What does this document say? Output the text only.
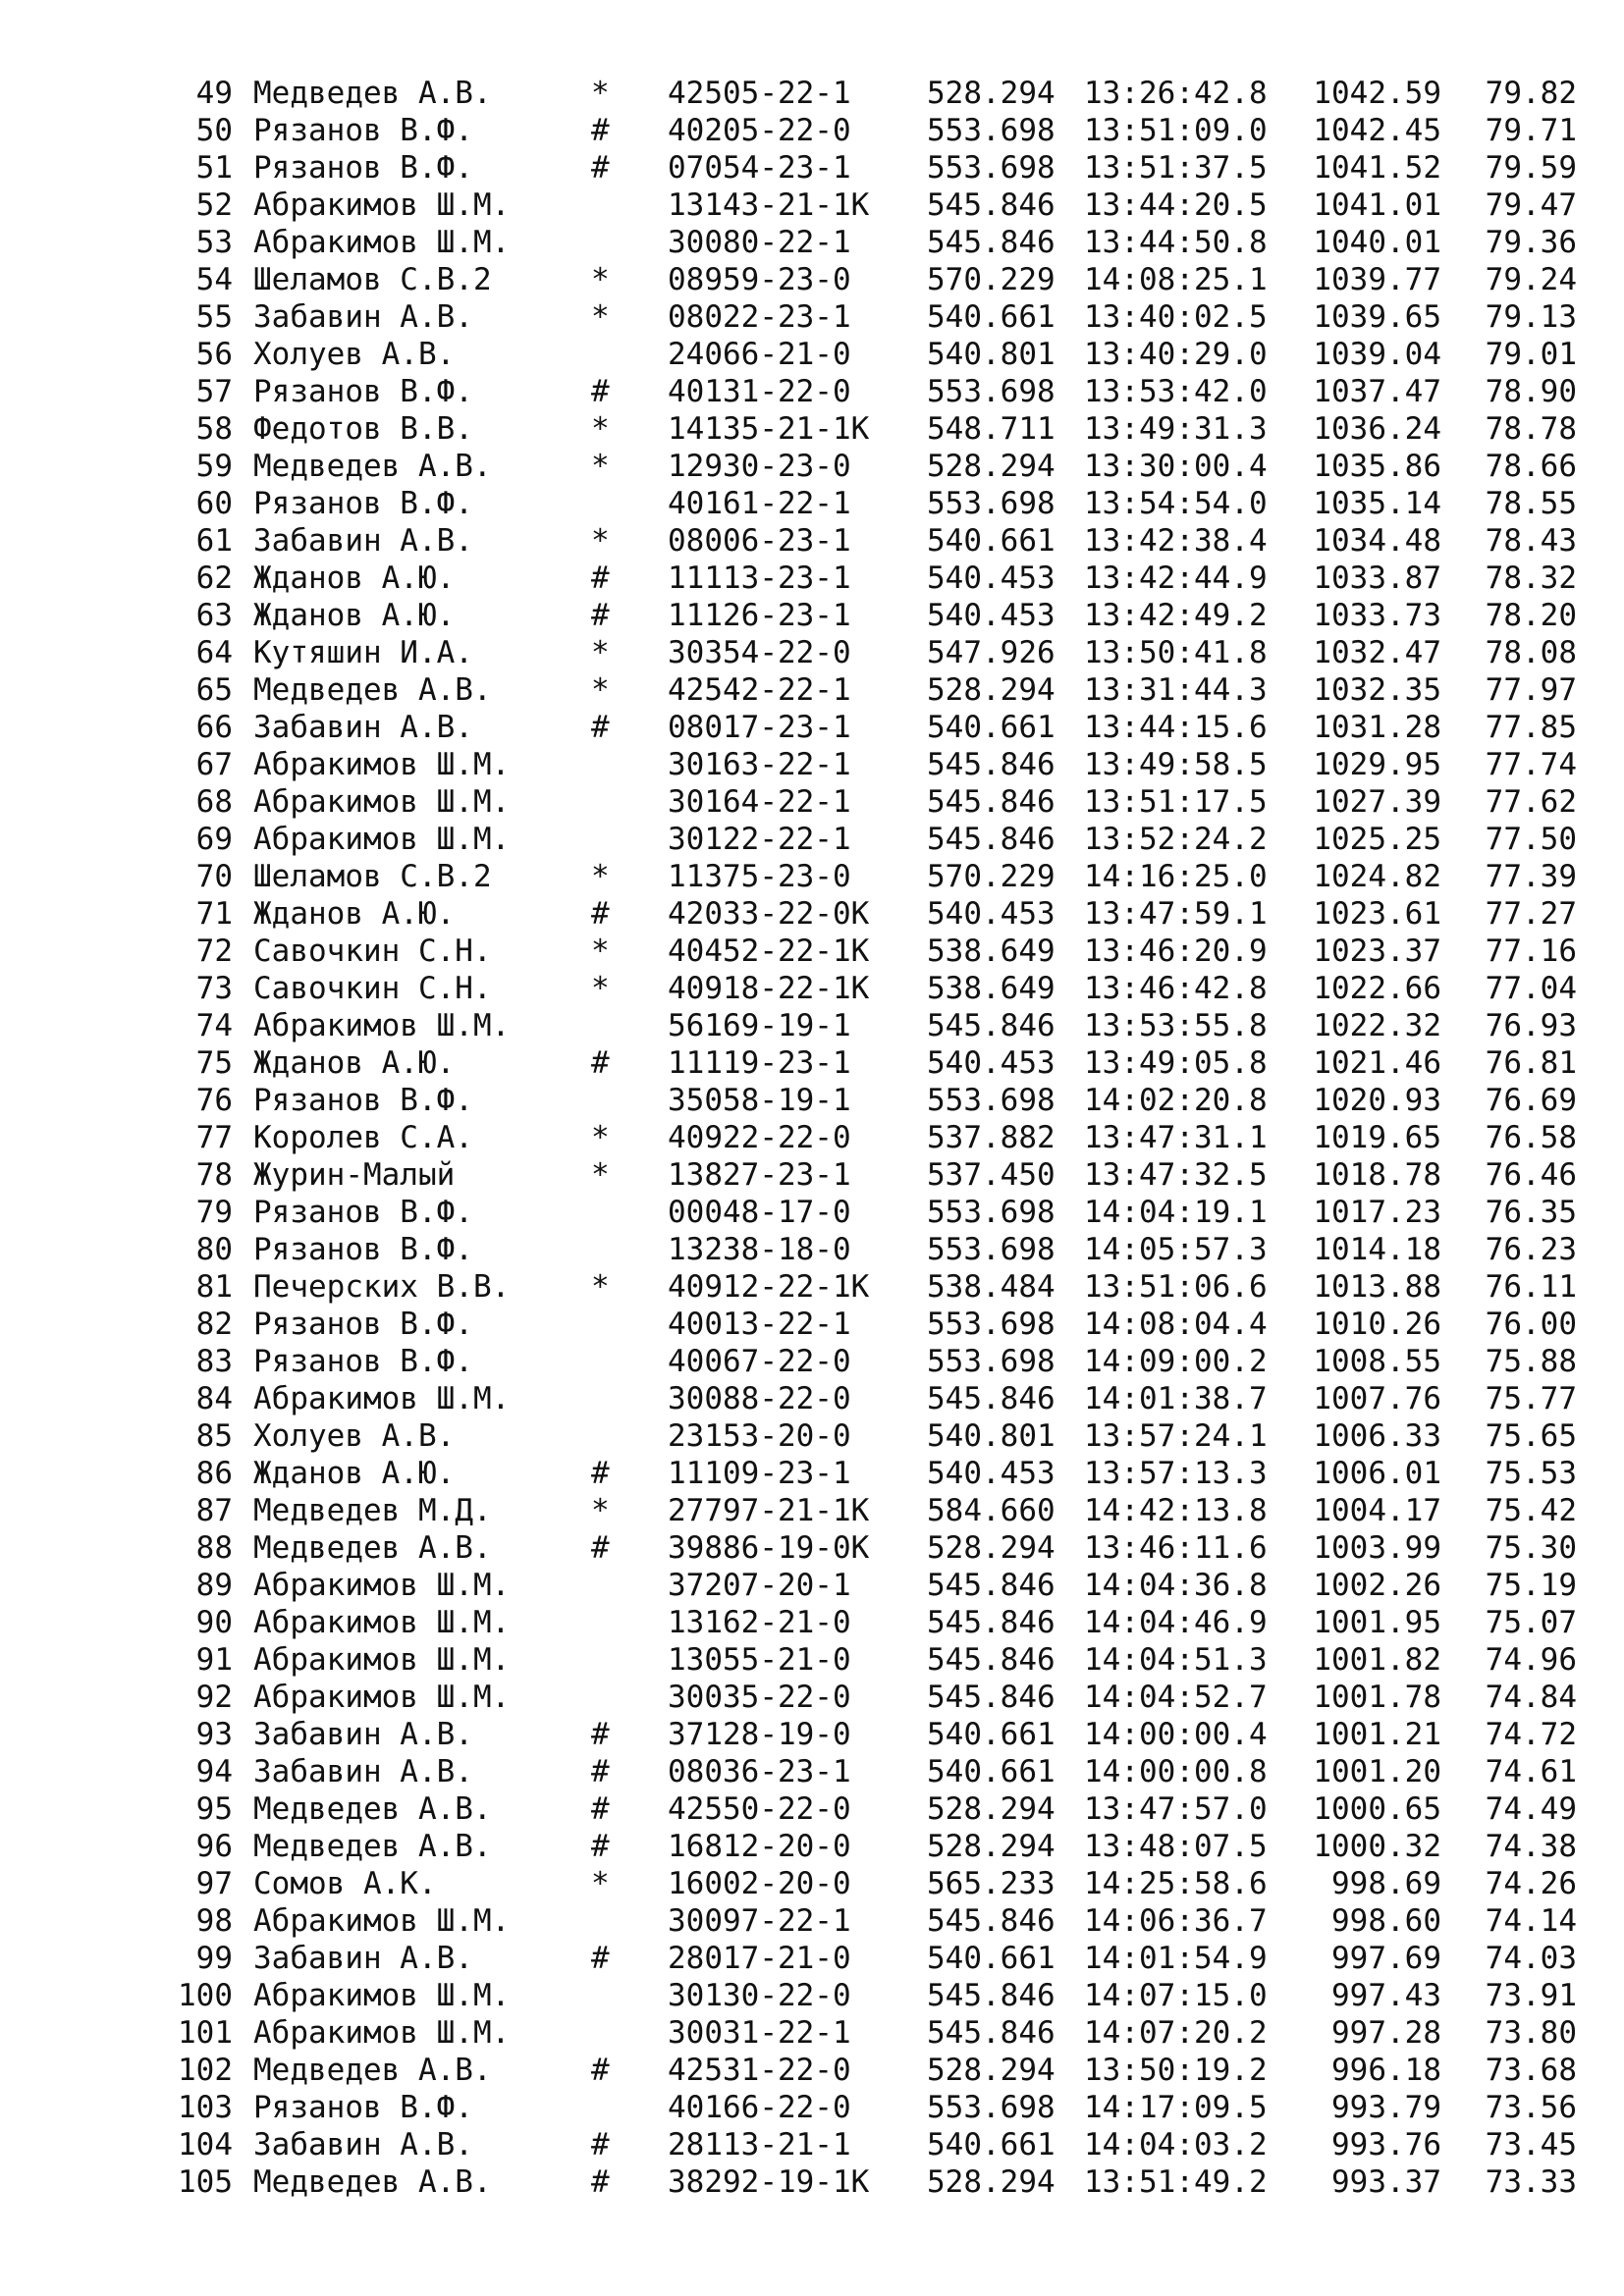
49 Медведев А.В.	* 42505-22-1 528.294 13:26:42.8 1042.59 79.82
50 Рязанов В.Ф.	# 40205-22-0 553.698 13:51:09.0 1042.45 79.71
51 Рязанов В.Ф.	# 07054-23-1 553.698 13:51:37.5 1041.52 79.59
52 Абракимов Ш.М.	13143-21-1К 545.846 13:44:20.5 1041.01 79.47
53 Абракимов Ш.М.	30080-22-1 545.846 13:44:50.8 1040.01 79.36
54 Шеламов С.В.2	* 08959-23-0 570.229 14:08:25.1 1039.77 79.24
55 Забавин А.В.	* 08022-23-1 540.661 13:40:02.5 1039.65 79.13
56 Холуев А.В.	24066-21-0 540.801 13:40:29.0 1039.04 79.01
57 Рязанов В.Ф.	# 40131-22-0 553.698 13:53:42.0 1037.47 78.90
58 Федотов В.В.	* 14135-21-1К 548.711 13:49:31.3 1036.24 78.78
59 Медведев А.В.	* 12930-23-0 528.294 13:30:00.4 1035.86 78.66
60 Рязанов В.Ф.	40161-22-1 553.698 13:54:54.0 1035.14 78.55
61 Забавин А.В.	* 08006-23-1 540.661 13:42:38.4 1034.48 78.43
62 Жданов А.Ю.	# 11113-23-1 540.453 13:42:44.9 1033.87 78.32
63 Жданов А.Ю.	# 11126-23-1 540.453 13:42:49.2 1033.73 78.20
64 Кутяшин И.А.	* 30354-22-0 547.926 13:50:41.8 1032.47 78.08
65 Медведев А.В.	* 42542-22-1 528.294 13:31:44.3 1032.35 77.97
66 Забавин А.В.	# 08017-23-1 540.661 13:44:15.6 1031.28 77.85
67 Абракимов Ш.М.	30163-22-1 545.846 13:49:58.5 1029.95 77.74
68 Абракимов Ш.М.	30164-22-1 545.846 13:51:17.5 1027.39 77.62
69 Абракимов Ш.М.	30122-22-1 545.846 13:52:24.2 1025.25 77.50
70 Шеламов С.В.2	* 11375-23-0 570.229 14:16:25.0 1024.82 77.39
71 Жданов А.Ю.	# 42033-22-0К 540.453 13:47:59.1 1023.61 77.27
72 Савочкин С.Н.	* 40452-22-1К 538.649 13:46:20.9 1023.37 77.16
73 Савочкин С.Н.	* 40918-22-1К 538.649 13:46:42.8 1022.66 77.04
74 Абракимов Ш.М.	56169-19-1 545.846 13:53:55.8 1022.32 76.93
75 Жданов А.Ю.	# 11119-23-1 540.453 13:49:05.8 1021.46 76.81
76 Рязанов В.Ф.	35058-19-1 553.698 14:02:20.8 1020.93 76.69
77 Королев С.А.	* 40922-22-0 537.882 13:47:31.1 1019.65 76.58
78 Журин-Малый	* 13827-23-1 537.450 13:47:32.5 1018.78 76.46
79 Рязанов В.Ф.	00048-17-0 553.698 14:04:19.1 1017.23 76.35
80 Рязанов В.Ф.	13238-18-0 553.698 14:05:57.3 1014.18 76.23
81 Печерских В.В.	* 40912-22-1К 538.484 13:51:06.6 1013.88 76.11
82 Рязанов В.Ф.	40013-22-1 553.698 14:08:04.4 1010.26 76.00
83 Рязанов В.Ф.	40067-22-0 553.698 14:09:00.2 1008.55 75.88
84 Абракимов Ш.М.	30088-22-0 545.846 14:01:38.7 1007.76 75.77
85 Холуев А.В.	23153-20-0 540.801 13:57:24.1 1006.33 75.65
86 Жданов А.Ю.	# 11109-23-1 540.453 13:57:13.3 1006.01 75.53
87 Медведев М.Д.	* 27797-21-1К 584.660 14:42:13.8 1004.17 75.42
88 Медведев А.В.	# 39886-19-0К 528.294 13:46:11.6 1003.99 75.30
89 Абракимов Ш.М.	37207-20-1 545.846 14:04:36.8 1002.26 75.19
90 Абракимов Ш.М.	13162-21-0 545.846 14:04:46.9 1001.95 75.07
91 Абракимов Ш.М.	13055-21-0 545.846 14:04:51.3 1001.82 74.96
92 Абракимов Ш.М.	30035-22-0 545.846 14:04:52.7 1001.78 74.84
93 Забавин А.В.	# 37128-19-0 540.661 14:00:00.4 1001.21 74.72
94 Забавин А.В.	# 08036-23-1 540.661 14:00:00.8 1001.20 74.61
95 Медведев А.В.	# 42550-22-0 528.294 13:47:57.0 1000.65 74.49
96 Медведев А.В.	# 16812-20-0 528.294 13:48:07.5 1000.32 74.38
97 Сомов А.К.	* 16002-20-0 565.233 14:25:58.6 998.69 74.26
98 Абракимов Ш.М.	30097-22-1 545.846 14:06:36.7 998.60 74.14
99 Забавин А.В.	# 28017-21-0 540.661 14:01:54.9 997.69 74.03
100 Абракимов Ш.М.	30130-22-0 545.846 14:07:15.0 997.43 73.91
101 Абракимов Ш.М.	30031-22-1 545.846 14:07:20.2 997.28 73.80
102 Медведев А.В.	# 42531-22-0 528.294 13:50:19.2 996.18 73.68
103 Рязанов В.Ф.	40166-22-0 553.698 14:17:09.5 993.79 73.56
104 Забавин А.В.	# 28113-21-1 540.661 14:04:03.2 993.76 73.45
105 Медведев А.В.	# 38292-19-1К 528.294 13:51:49.2 993.37 73.33
